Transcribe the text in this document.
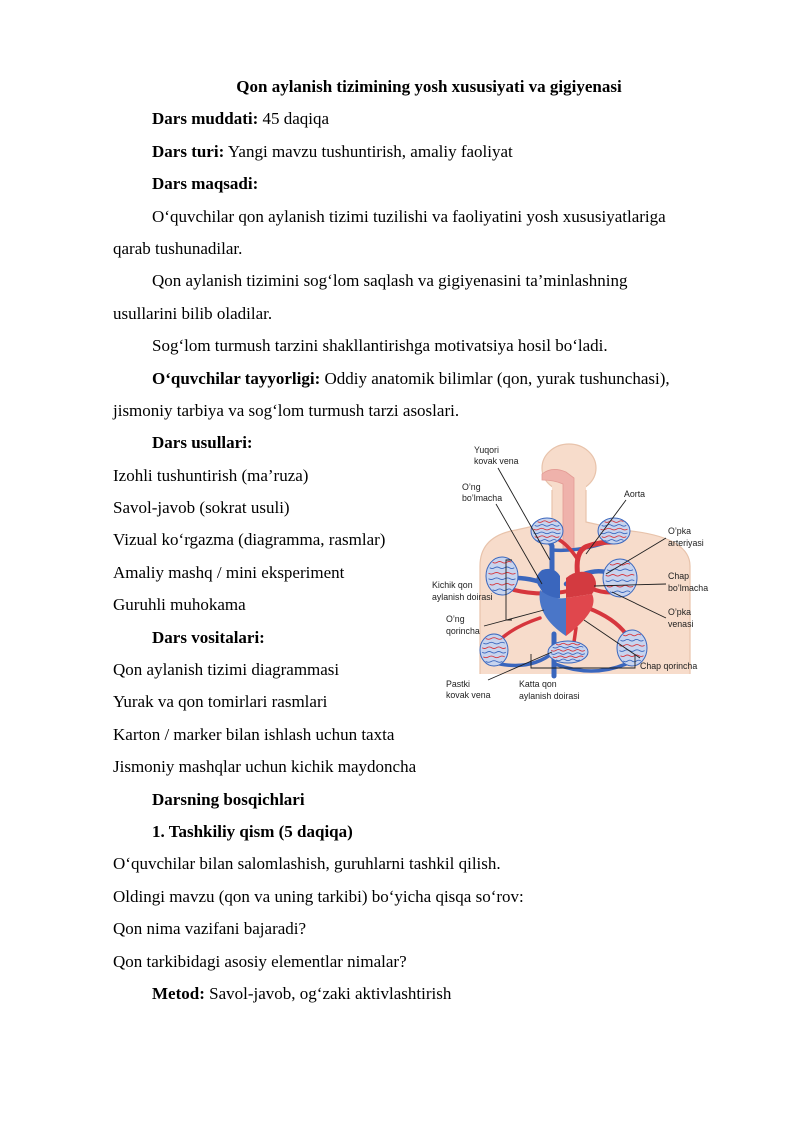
Qon aylanish tizimining yosh xususiyati va gigiyenasi
Dars muddati: 45 daqiqa
Dars turi: Yangi mavzu tushuntirish, amaliy faoliyat
Dars maqsadi:
O‘quvchilar qon aylanish tizimi tuzilishi va faoliyatini yosh xususiyatlariga
qarab tushunadilar.
Qon aylanish tizimini sog‘lom saqlash va gigiyenasini ta’minlashning
usullarini bilib oladilar.
Sog‘lom turmush tarzini shakllantirishga motivatsiya hosil bo‘ladi.
O‘quvchilar tayyorligi: Oddiy anatomik bilimlar (qon, yurak tushunchasi),
jismoniy tarbiya va sog‘lom turmush tarzi asoslari.
Dars usullari:
Izohli tushuntirish (ma’ruza)
Savol-javob (sokrat usuli)
Vizual ko‘rgazma (diagramma, rasmlar)
Amaliy mashq / mini eksperiment
Guruhli muhokama
Dars vositalari:
Qon aylanish tizimi diagrammasi
Yurak va qon tomirlari rasmlari
Karton / marker bilan ishlash uchun taxta
Jismoniy mashqlar uchun kichik maydoncha
Darsning bosqichlari
1. Tashkiliy qism (5 daqiqa)
O‘quvchilar bilan salomlashish, guruhlarni tashkil qilish.
Oldingi mavzu (qon va uning tarkibi) bo‘yicha qisqa so‘rov:
Qon nima vazifani bajaradi?
Qon tarkibidagi asosiy elementlar nimalar?
Metod: Savol-javob, og‘zaki aktivlashtirish
Yuqori kovak vena
O’ng bo’lmacha	Aorta
O’pka arteriyasi
Kichik qon aylanish doirasi
Chap bo’lmacha
O’pka venasi
O’ng qorincha
Chap qorincha
Pastki kovak vena
Katta qon aylanish doirasi
